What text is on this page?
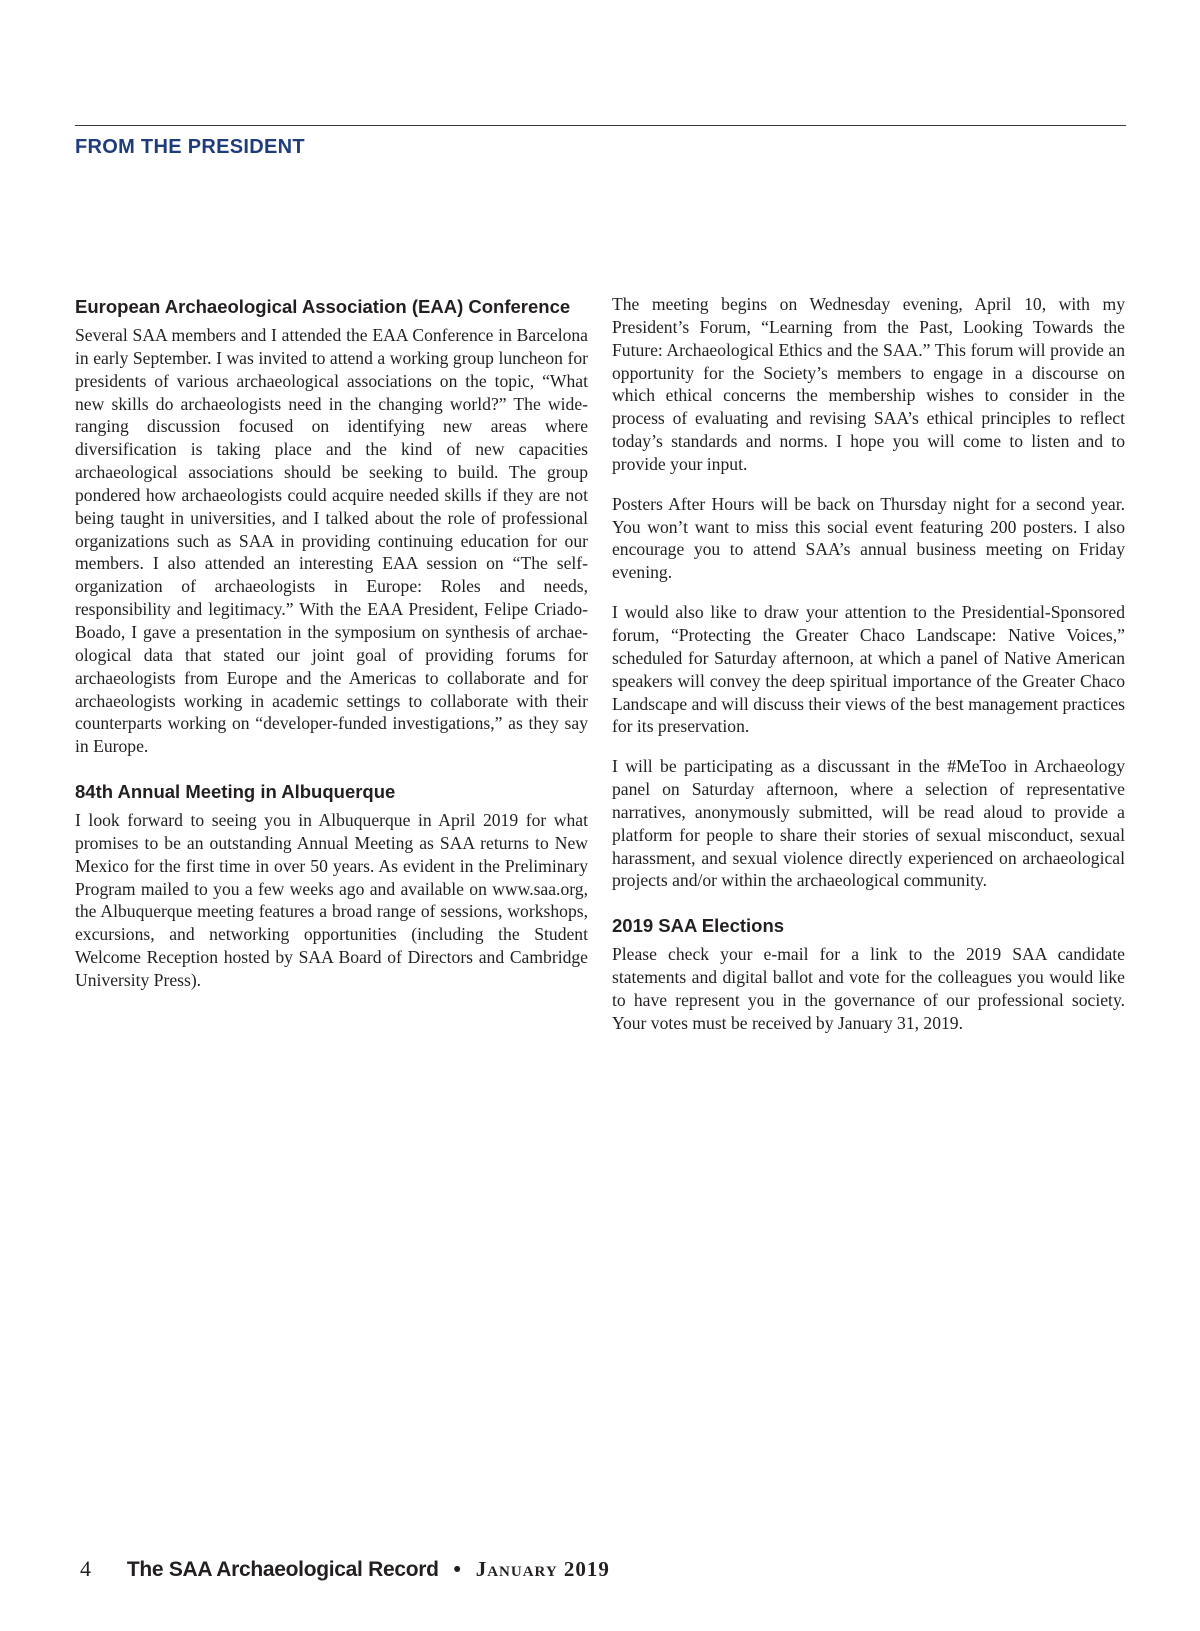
FROM THE PRESIDENT
European Archaeological Association (EAA) Conference

Several SAA members and I attended the EAA Conference in Barcelona in early September. I was invited to attend a working group luncheon for presidents of various archaeological associations on the topic, “What new skills do archaeologists need in the changing world?” The wide-ranging discussion focused on identifying new areas where diversification is taking place and the kind of new capacities archaeological associations should be seeking to build. The group pondered how archaeologists could acquire needed skills if they are not being taught in universities, and I talked about the role of professional organizations such as SAA in providing continuing education for our members. I also attended an interesting EAA session on “The self-organization of archaeologists in Europe: Roles and needs, responsibility and legitimacy.” With the EAA President, Felipe Criado-Boado, I gave a presentation in the symposium on synthesis of archaeological data that stated our joint goal of providing forums for archaeologists from Europe and the Americas to collaborate and for archaeologists working in academic settings to collaborate with their counterparts working on “developer-funded investigations,” as they say in Europe.

84th Annual Meeting in Albuquerque

I look forward to seeing you in Albuquerque in April 2019 for what promises to be an outstanding Annual Meeting as SAA returns to New Mexico for the first time in over 50 years. As evident in the Preliminary Program mailed to you a few weeks ago and available on www.saa.org, the Albuquerque meeting features a broad range of sessions, workshops, excursions, and networking opportunities (including the Student Welcome Reception hosted by SAA Board of Directors and Cambridge University Press).

The meeting begins on Wednesday evening, April 10, with my President’s Forum, “Learning from the Past, Looking Towards the Future: Archaeological Ethics and the SAA.” This forum will provide an opportunity for the Society’s members to engage in a discourse on which ethical concerns the membership wishes to consider in the process of evaluating and revising SAA’s ethical principles to reflect today’s standards and norms. I hope you will come to listen and to provide your input.

Posters After Hours will be back on Thursday night for a second year. You won’t want to miss this social event featuring 200 posters. I also encourage you to attend SAA’s annual business meeting on Friday evening.

I would also like to draw your attention to the Presidential-Sponsored forum, “Protecting the Greater Chaco Landscape: Native Voices,” scheduled for Saturday afternoon, at which a panel of Native American speakers will convey the deep spiritual importance of the Greater Chaco Landscape and will discuss their views of the best management practices for its preservation.

I will be participating as a discussant in the #MeToo in Archaeology panel on Saturday afternoon, where a selection of representative narratives, anonymously submitted, will be read aloud to provide a platform for people to share their stories of sexual misconduct, sexual harassment, and sexual violence directly experienced on archaeological projects and/or within the archaeological community.

2019 SAA Elections

Please check your e-mail for a link to the 2019 SAA candidate statements and digital ballot and vote for the colleagues you would like to have represent you in the governance of our professional society. Your votes must be received by January 31, 2019.

4 The SAA Archaeological Record • January 2019
